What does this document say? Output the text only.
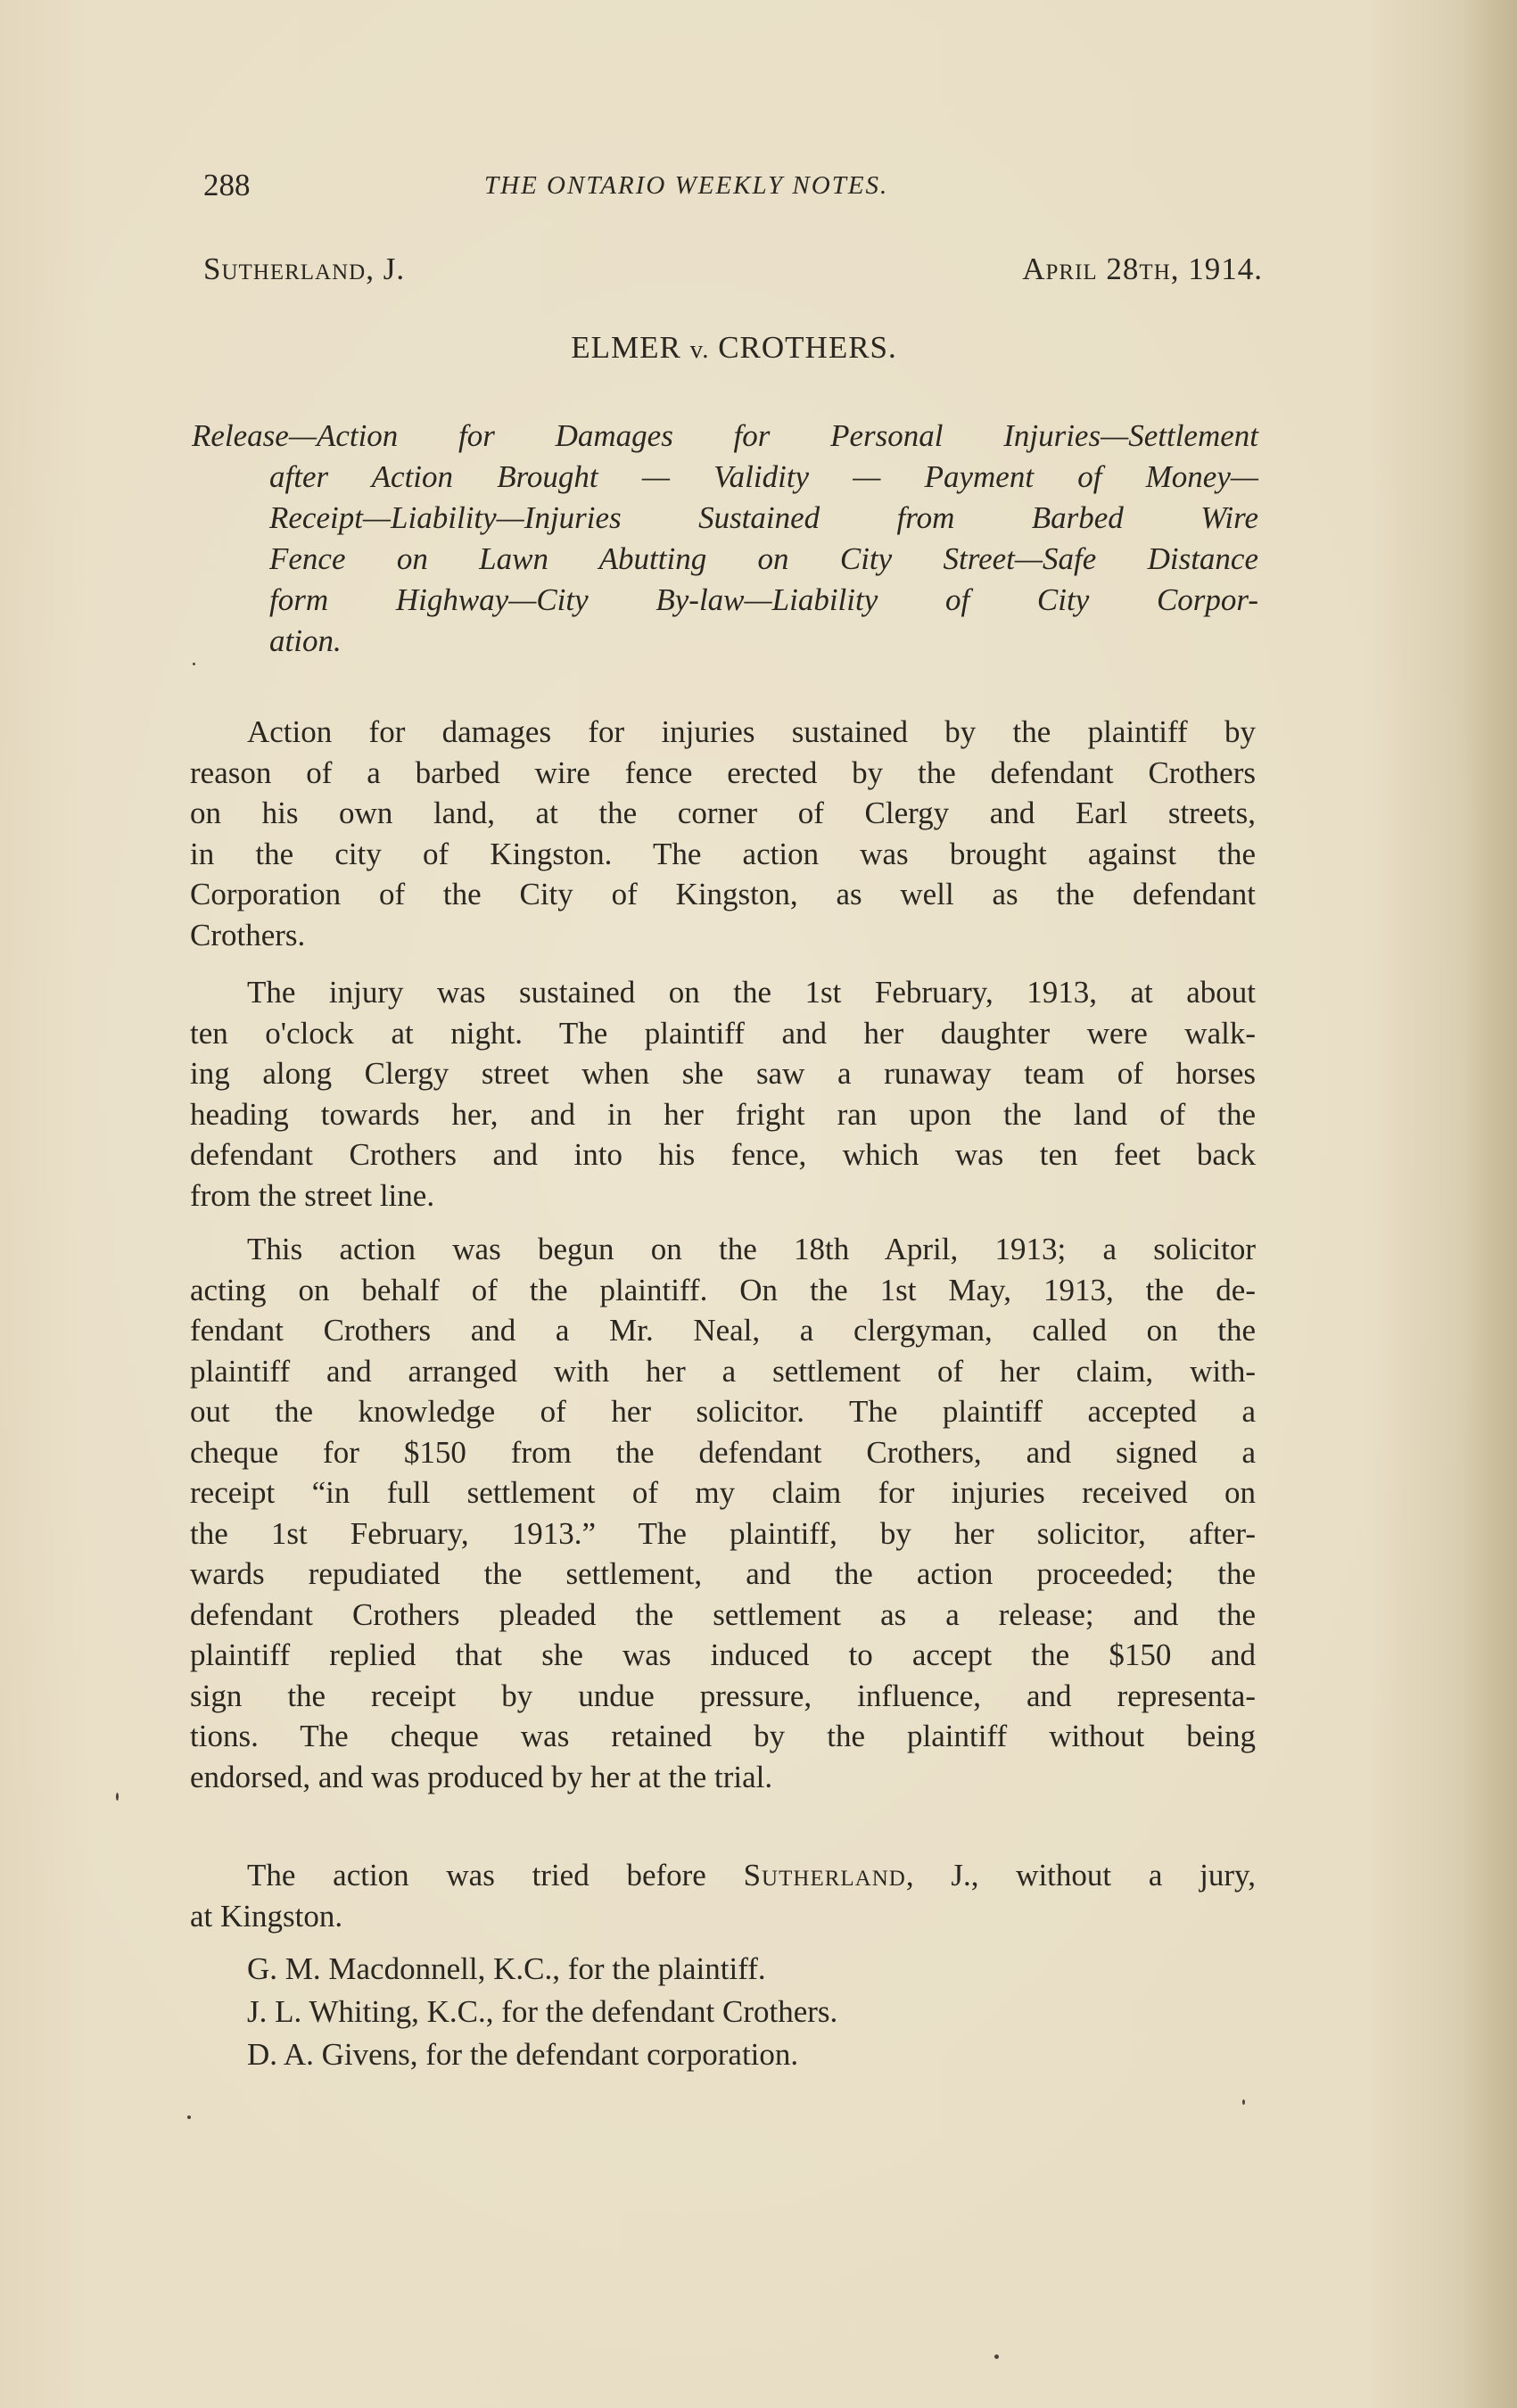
288	THE ONTARIO WEEKLY NOTES.
Sutherland, J.	April 28th, 1914.
ELMER v. CROTHERS.
Release—Action for Damages for Personal Injuries—Settlement
after Action Brought — Validity — Payment of Money—
Receipt—Liability—Injuries Sustained from Barbed Wire
Fence on Lawn Abutting on City Street—Safe Distance
form Highway—City By-law—Liability of City Corpor-
ation.
Action for damages for injuries sustained by the plaintiff by
reason of a barbed wire fence erected by the defendant Crothers
on his own land, at the corner of Clergy and Earl streets,
in the city of Kingston. The action was brought against the
Corporation of the City of Kingston, as well as the defendant
Crothers.
The injury was sustained on the 1st February, 1913, at about
ten o'clock at night. The plaintiff and her daughter were walk-
ing along Clergy street when she saw a runaway team of horses
heading towards her, and in her fright ran upon the land of the
defendant Crothers and into his fence, which was ten feet back
from the street line.
This action was begun on the 18th April, 1913; a solicitor
acting on behalf of the plaintiff. On the 1st May, 1913, the de-
fendant Crothers and a Mr. Neal, a clergyman, called on the
plaintiff and arranged with her a settlement of her claim, with-
out the knowledge of her solicitor. The plaintiff accepted a
cheque for $150 from the defendant Crothers, and signed a
receipt “in full settlement of my claim for injuries received on
the 1st February, 1913.” The plaintiff, by her solicitor, after-
wards repudiated the settlement, and the action proceeded; the
defendant Crothers pleaded the settlement as a release; and the
plaintiff replied that she was induced to accept the $150 and
sign the receipt by undue pressure, influence, and representa-
tions. The cheque was retained by the plaintiff without being
endorsed, and was produced by her at the trial.
The action was tried before Sutherland, J., without a jury,
at Kingston.
G. M. Macdonnell, K.C., for the plaintiff.
J. L. Whiting, K.C., for the defendant Crothers.
D. A. Givens, for the defendant corporation.
